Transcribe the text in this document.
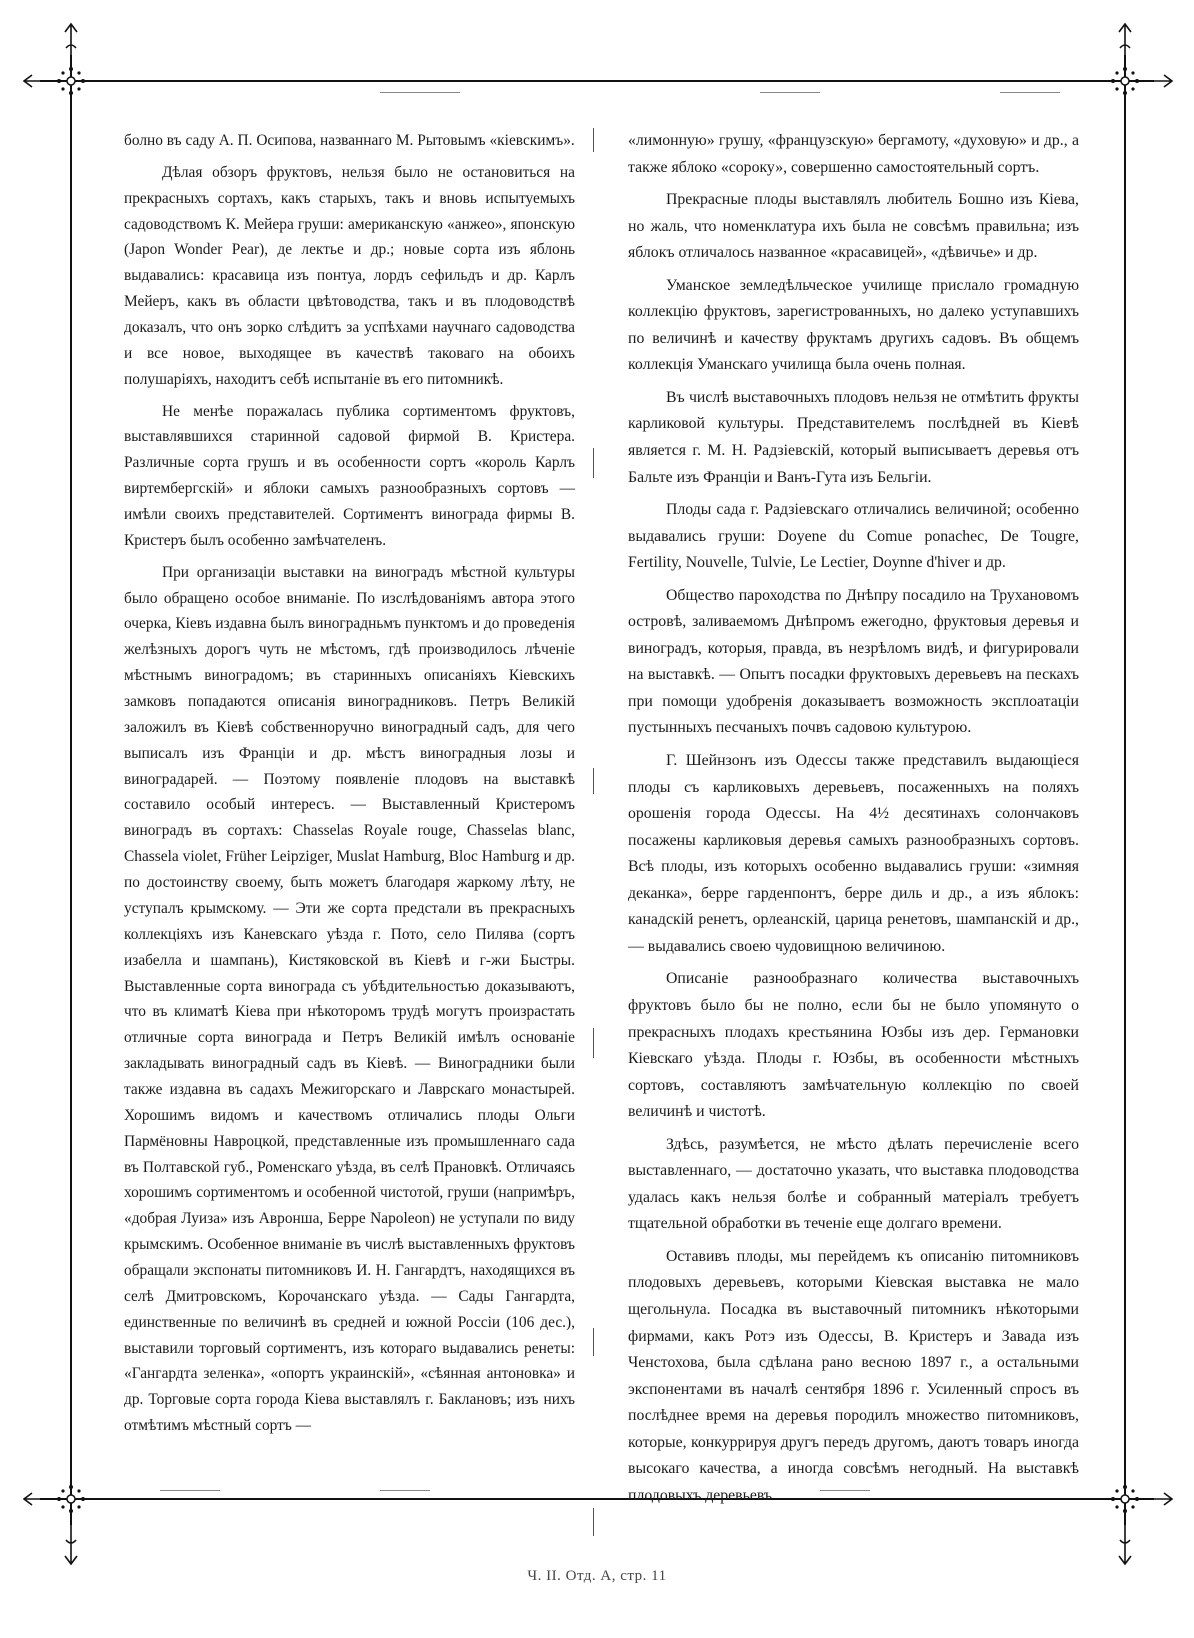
болно въ саду А. П. Осипова, названнаго М. Рытовымъ «кіевскимъ».

Дѣлая обзоръ фруктовъ, нельзя было не остановиться на прекрасныхъ сортахъ, какъ старыхъ, такъ и вновь испытуемыхъ садоводствомъ К. Мейера груши: американскую «анжео», японскую (Japon Wonder Pear), де лектье и др.; новые сорта изъ яблонь выдавались: красавица изъ понтуа, лордъ сефильдъ и др. Карлъ Мейеръ, какъ въ области цвѣтоводства, такъ и въ плодоводствѣ доказалъ, что онъ зорко слѣдитъ за успѣхами научнаго садоводства и все новое, выходящее въ качествѣ таковаго на обоихъ полушаріяхъ, находитъ себѣ испытаніе въ его питомникѣ.

Не менѣе поражалась публика сортиментомъ фруктовъ, выставлявшихся старинной садовой фирмой В. Кристера. Различные сорта грушъ и въ особенности сортъ «король Карлъ виртембергскій» и яблоки самыхъ разнообразныхъ сортовъ — имѣли своихъ представителей. Сортиментъ винограда фирмы В. Кристеръ былъ особенно замѣчателенъ.

При организаціи выставки на виноградъ мѣстной культуры было обращено особое вниманіе. По изслѣдованіямъ автора этого очерка, Кіевъ издавна былъ виноградньмъ пунктомъ и до проведенія желѣзныхъ дорогъ чуть не мѣстомъ, гдѣ производилось лѣченіе мѣстнымъ виноградомъ; въ старинныхъ описаніяхъ Кіевскихъ замковъ попадаются описанія виноградниковъ. Петръ Великій заложилъ въ Кіевѣ собственноручно виноградный садъ, для чего выписалъ изъ Франціи и др. мѣстъ виноградныя лозы и виноградарей. — Поэтому появленіе плодовъ на выставкѣ составило особый интересъ. — Выставленный Кристеромъ виноградъ въ сортахъ: Chasselas Royale rouge, Chasselas blanc, Chassela violet, Früher Leipziger, Muslat Hamburg, Bloc Hamburg и др. по достоинству своему, быть можетъ благодаря жаркому лѣту, не уступалъ крымскому. — Эти же сорта предстали въ прекрасныхъ коллекціяхъ изъ Каневскаго уѣзда г. Пото, село Пилява (сортъ изабелла и шампань), Кистяковской въ Кіевѣ и г-жи Быстры. Выставленные сорта винограда съ убѣдительностью доказываютъ, что въ климатѣ Кіева при нѣкоторомъ трудѣ могутъ произрастать отличные сорта винограда и Петръ Великій имѣлъ основаніе закладывать виноградный садъ въ Кіевѣ. — Виноградники были также издавна въ садахъ Межигорскаго и Лаврскаго монастырей. Хорошимъ видомъ и качествомъ отличались плоды Ольги Пармёновны Навроцкой, представленные изъ промышленнаго сада въ Полтавской губ., Роменскаго уѣзда, въ селѣ Прановкѣ. Отличаясь хорошимъ сортиментомъ и особенной чистотой, груши (напримѣръ, «добрая Луиза» изъ Авронша, Берре Napoleon) не уступали по виду крымскимъ. Особенное вниманіе въ числѣ выставленныхъ фруктовъ обращали экспонаты питомниковъ И. Н. Гангардтъ, находящихся въ селѣ Дмитровскомъ, Корочанскаго уѣзда. — Сады Гангардта, единственные по величинѣ въ средней и южной Россіи (106 дес.), выставили торговый сортиментъ, изъ котораго выдавались ренеты: «Гангардта зеленка», «опортъ украинскій», «сѣянная антоновка» и др. Торговые сорта города Кіева выставлялъ г. Баклановъ; изъ нихъ отмѣтимъ мѣстный сортъ —

«лимонную» грушу, «французскую» бергамоту, «духовую» и др., а также яблоко «сороку», совершенно самостоятельный сортъ.

Прекрасные плоды выставлялъ любитель Бошно изъ Кіева, но жаль, что номенклатура ихъ была не совсѣмъ правильна; изъ яблокъ отличалось названное «красавицей», «дѣвичье» и др.

Уманское земледѣльческое училище прислало громадную коллекцію фруктовъ, зарегистрованныхъ, но далеко уступавшихъ по величинѣ и качеству фруктамъ другихъ садовъ. Въ общемъ коллекція Уманскаго училища была очень полная.

Въ числѣ выставочныхъ плодовъ нельзя не отмѣтить фрукты карликовой культуры. Представителемъ послѣдней въ Кіевѣ является г. М. Н. Радзіевскій, который выписываетъ деревья отъ Бальте изъ Франціи и Ванъ-Гута изъ Бельгіи.

Плоды сада г. Радзіевскаго отличались величиной; особенно выдавались груши: Doyene du Comue ponachec, De Tougre, Fertility, Nouvelle, Tulvie, Le Lectier, Doynne d'hiver и др.

Общество пароходства по Днѣпру посадило на Трухановомъ островѣ, заливаемомъ Днѣпромъ ежегодно, фруктовыя деревья и виноградъ, которыя, правда, въ незрѣломъ видѣ, и фигурировали на выставкѣ. — Опытъ посадки фруктовыхъ деревьевъ на пескахъ при помощи удобренія доказываетъ возможность эксплоатаціи пустынныхъ песчаныхъ почвъ садовою культурою.

Г. Шейнзонъ изъ Одессы также представилъ выдающіеся плоды съ карликовыхъ деревьевъ, посаженныхъ на поляхъ орошенія города Одессы. На 4½ десятинахъ солончаковъ посажены карликовыя деревья самыхъ разнообразныхъ сортовъ. Всѣ плоды, изъ которыхъ особенно выдавались груши: «зимняя деканка», берре гарденпонтъ, берре диль и др., а изъ яблокъ: канадскій ренетъ, орлеанскій, царица ренетовъ, шампанскій и др., — выдавались своею чудовищною величиною.

Описаніе разнообразнаго количества выставочныхъ фруктовъ было бы не полно, если бы не было упомянуто о прекрасныхъ плодахъ крестьянина Юзбы изъ дер. Германовки Кіевскаго уѣзда. Плоды г. Юзбы, въ особенности мѣстныхъ сортовъ, составляютъ замѣчательную коллекцію по своей величинѣ и чистотѣ.

Здѣсь, разумѣется, не мѣсто дѣлать перечисленіе всего выставленнаго, — достаточно указать, что выставка плодоводства удалась какъ нельзя болѣе и собранный матеріалъ требуетъ тщательной обработки въ теченіе еще долгаго времени.

Оставивъ плоды, мы перейдемъ къ описанію питомниковъ плодовыхъ деревьевъ, которыми Кіевская выставка не мало щегольнула. Посадка въ выставочный питомникъ нѣкоторыми фирмами, какъ Ротэ изъ Одессы, В. Кристеръ и Завада изъ Ченстохова, была сдѣлана рано весною 1897 г., а остальными экспонентами въ началѣ сентября 1896 г. Усиленный спросъ въ послѣднее время на деревья породилъ множество питомниковъ, которые, конкуррируя другъ передъ другомъ, даютъ товаръ иногда высокаго качества, а иногда совсѣмъ негодный. На выставкѣ плодовыхъ деревьевъ

Ч. II. Отд. А, стр. 11
